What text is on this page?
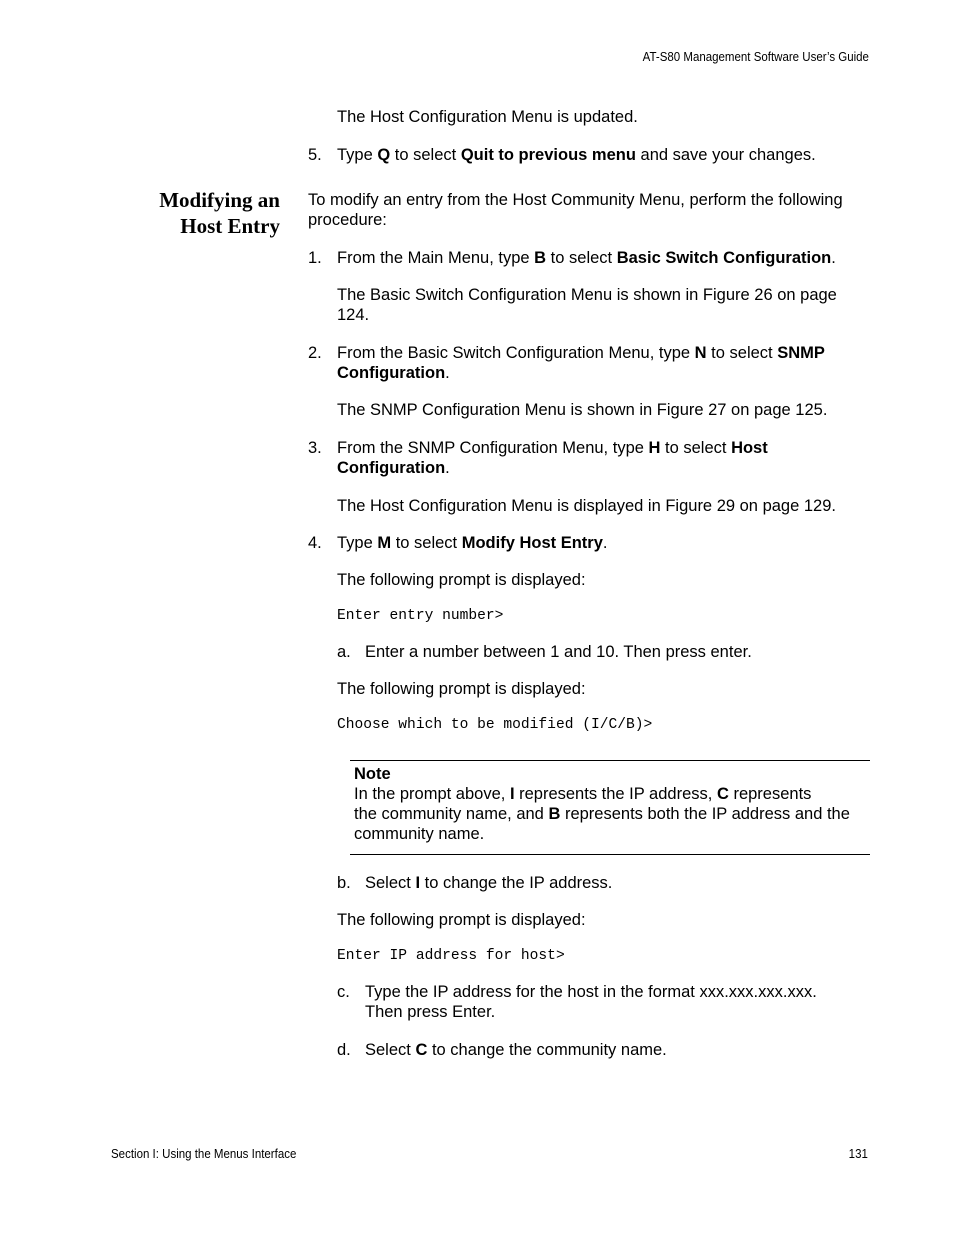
AT-S80 Management Software User’s Guide
Section I: Using the Menus Interface	131
The Host Configuration Menu is updated.
5. Type Q to select Quit to previous menu and save your changes.
Modifying an
Host Entry
To modify an entry from the Host Community Menu, perform the following
procedure:
1. From the Main Menu, type B to select Basic Switch Configuration.
The Basic Switch Configuration Menu is shown in Figure 26 on page
124.
2. From the Basic Switch Configuration Menu, type N to select SNMP
Configuration.
The SNMP Configuration Menu is shown in Figure 27 on page 125.
3. From the SNMP Configuration Menu, type H to select Host
Configuration.
The Host Configuration Menu is displayed in Figure 29 on page 129.
4. Type M to select Modify Host Entry.
The following prompt is displayed:
Enter entry number>
a. Enter a number between 1 and 10. Then press enter.
The following prompt is displayed:
Choose which to be modified (I/C/B)>
Note
In the prompt above, I represents the IP address, C represents
the community name, and B represents both the IP address and the
community name.
b. Select I to change the IP address.
The following prompt is displayed:
Enter IP address for host>
c. Type the IP address for the host in the format xxx.xxx.xxx.xxx.
Then press Enter.
d. Select C to change the community name.
